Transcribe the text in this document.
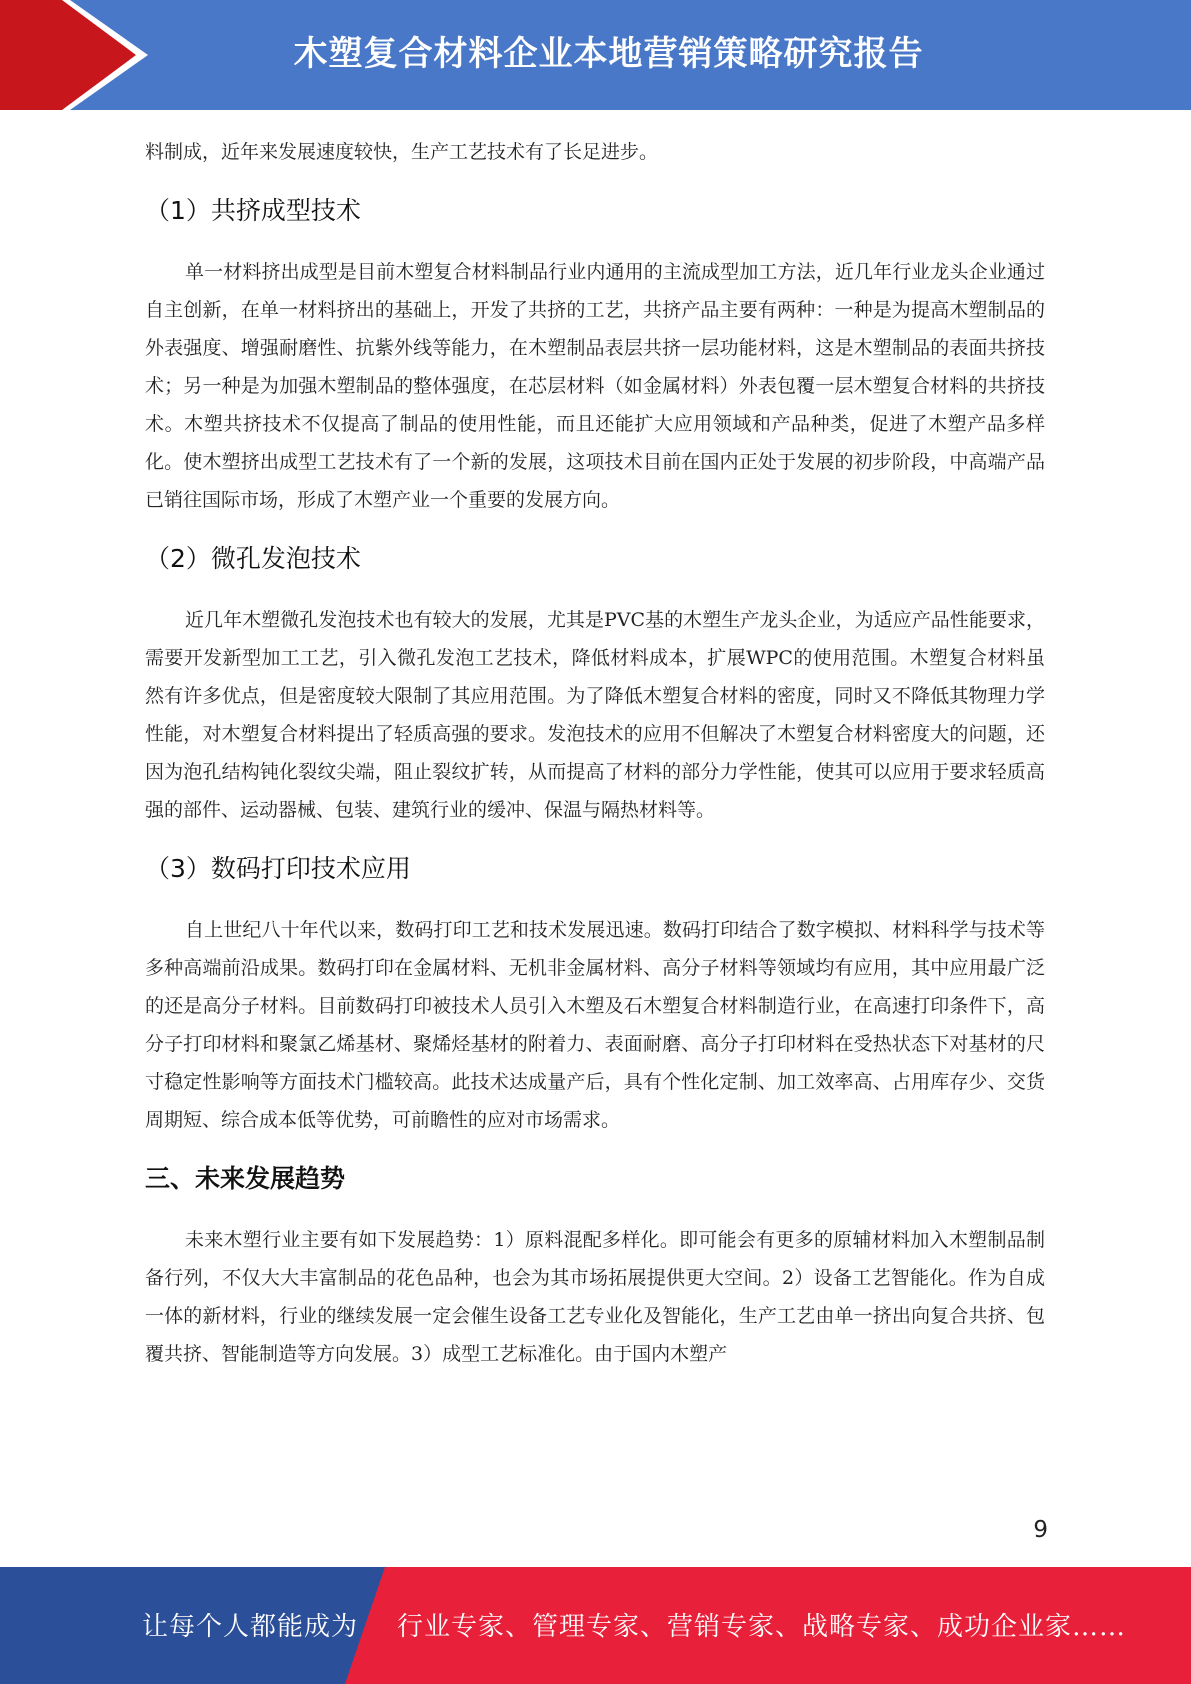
木塑复合材料企业本地营销策略研究报告

料制成，近年来发展速度较快，生产工艺技术有了长足进步。

（1）共挤成型技术

单一材料挤出成型是目前木塑复合材料制品行业内通用的主流成型加工方法，近几年行业龙头企业通过自主创新，在单一材料挤出的基础上，开发了共挤的工艺，共挤产品主要有两种：一种是为提高木塑制品的外表强度、增强耐磨性、抗紫外线等能力，在木塑制品表层共挤一层功能材料，这是木塑制品的表面共挤技术；另一种是为加强木塑制品的整体强度，在芯层材料（如金属材料）外表包覆一层木塑复合材料的共挤技术。木塑共挤技术不仅提高了制品的使用性能，而且还能扩大应用领域和产品种类，促进了木塑产品多样化。使木塑挤出成型工艺技术有了一个新的发展，这项技术目前在国内正处于发展的初步阶段，中高端产品已销往国际市场，形成了木塑产业一个重要的发展方向。

（2）微孔发泡技术

近几年木塑微孔发泡技术也有较大的发展，尤其是PVC基的木塑生产龙头企业，为适应产品性能要求，需要开发新型加工工艺，引入微孔发泡工艺技术，降低材料成本，扩展WPC的使用范围。木塑复合材料虽然有许多优点，但是密度较大限制了其应用范围。为了降低木塑复合材料的密度，同时又不降低其物理力学性能，对木塑复合材料提出了轻质高强的要求。发泡技术的应用不但解决了木塑复合材料密度大的问题，还因为泡孔结构钝化裂纹尖端，阻止裂纹扩转，从而提高了材料的部分力学性能，使其可以应用于要求轻质高强的部件、运动器械、包装、建筑行业的缓冲、保温与隔热材料等。

（3）数码打印技术应用

自上世纪八十年代以来，数码打印工艺和技术发展迅速。数码打印结合了数字模拟、材料科学与技术等多种高端前沿成果。数码打印在金属材料、无机非金属材料、高分子材料等领域均有应用，其中应用最广泛的还是高分子材料。目前数码打印被技术人员引入木塑及石木塑复合材料制造行业，在高速打印条件下，高分子打印材料和聚氯乙烯基材、聚烯烃基材的附着力、表面耐磨、高分子打印材料在受热状态下对基材的尺寸稳定性影响等方面技术门槛较高。此技术达成量产后，具有个性化定制、加工效率高、占用库存少、交货周期短、综合成本低等优势，可前瞻性的应对市场需求。

三、未来发展趋势

未来木塑行业主要有如下发展趋势：1）原料混配多样化。即可能会有更多的原辅材料加入木塑制品制备行列，不仅大大丰富制品的花色品种，也会为其市场拓展提供更大空间。2）设备工艺智能化。作为自成一体的新材料，行业的继续发展一定会催生设备工艺专业化及智能化，生产工艺由单一挤出向复合共挤、包覆共挤、智能制造等方向发展。3）成型工艺标准化。由于国内木塑产

9
让每个人都能成为 行业专家、管理专家、营销专家、战略专家、成功企业家……
